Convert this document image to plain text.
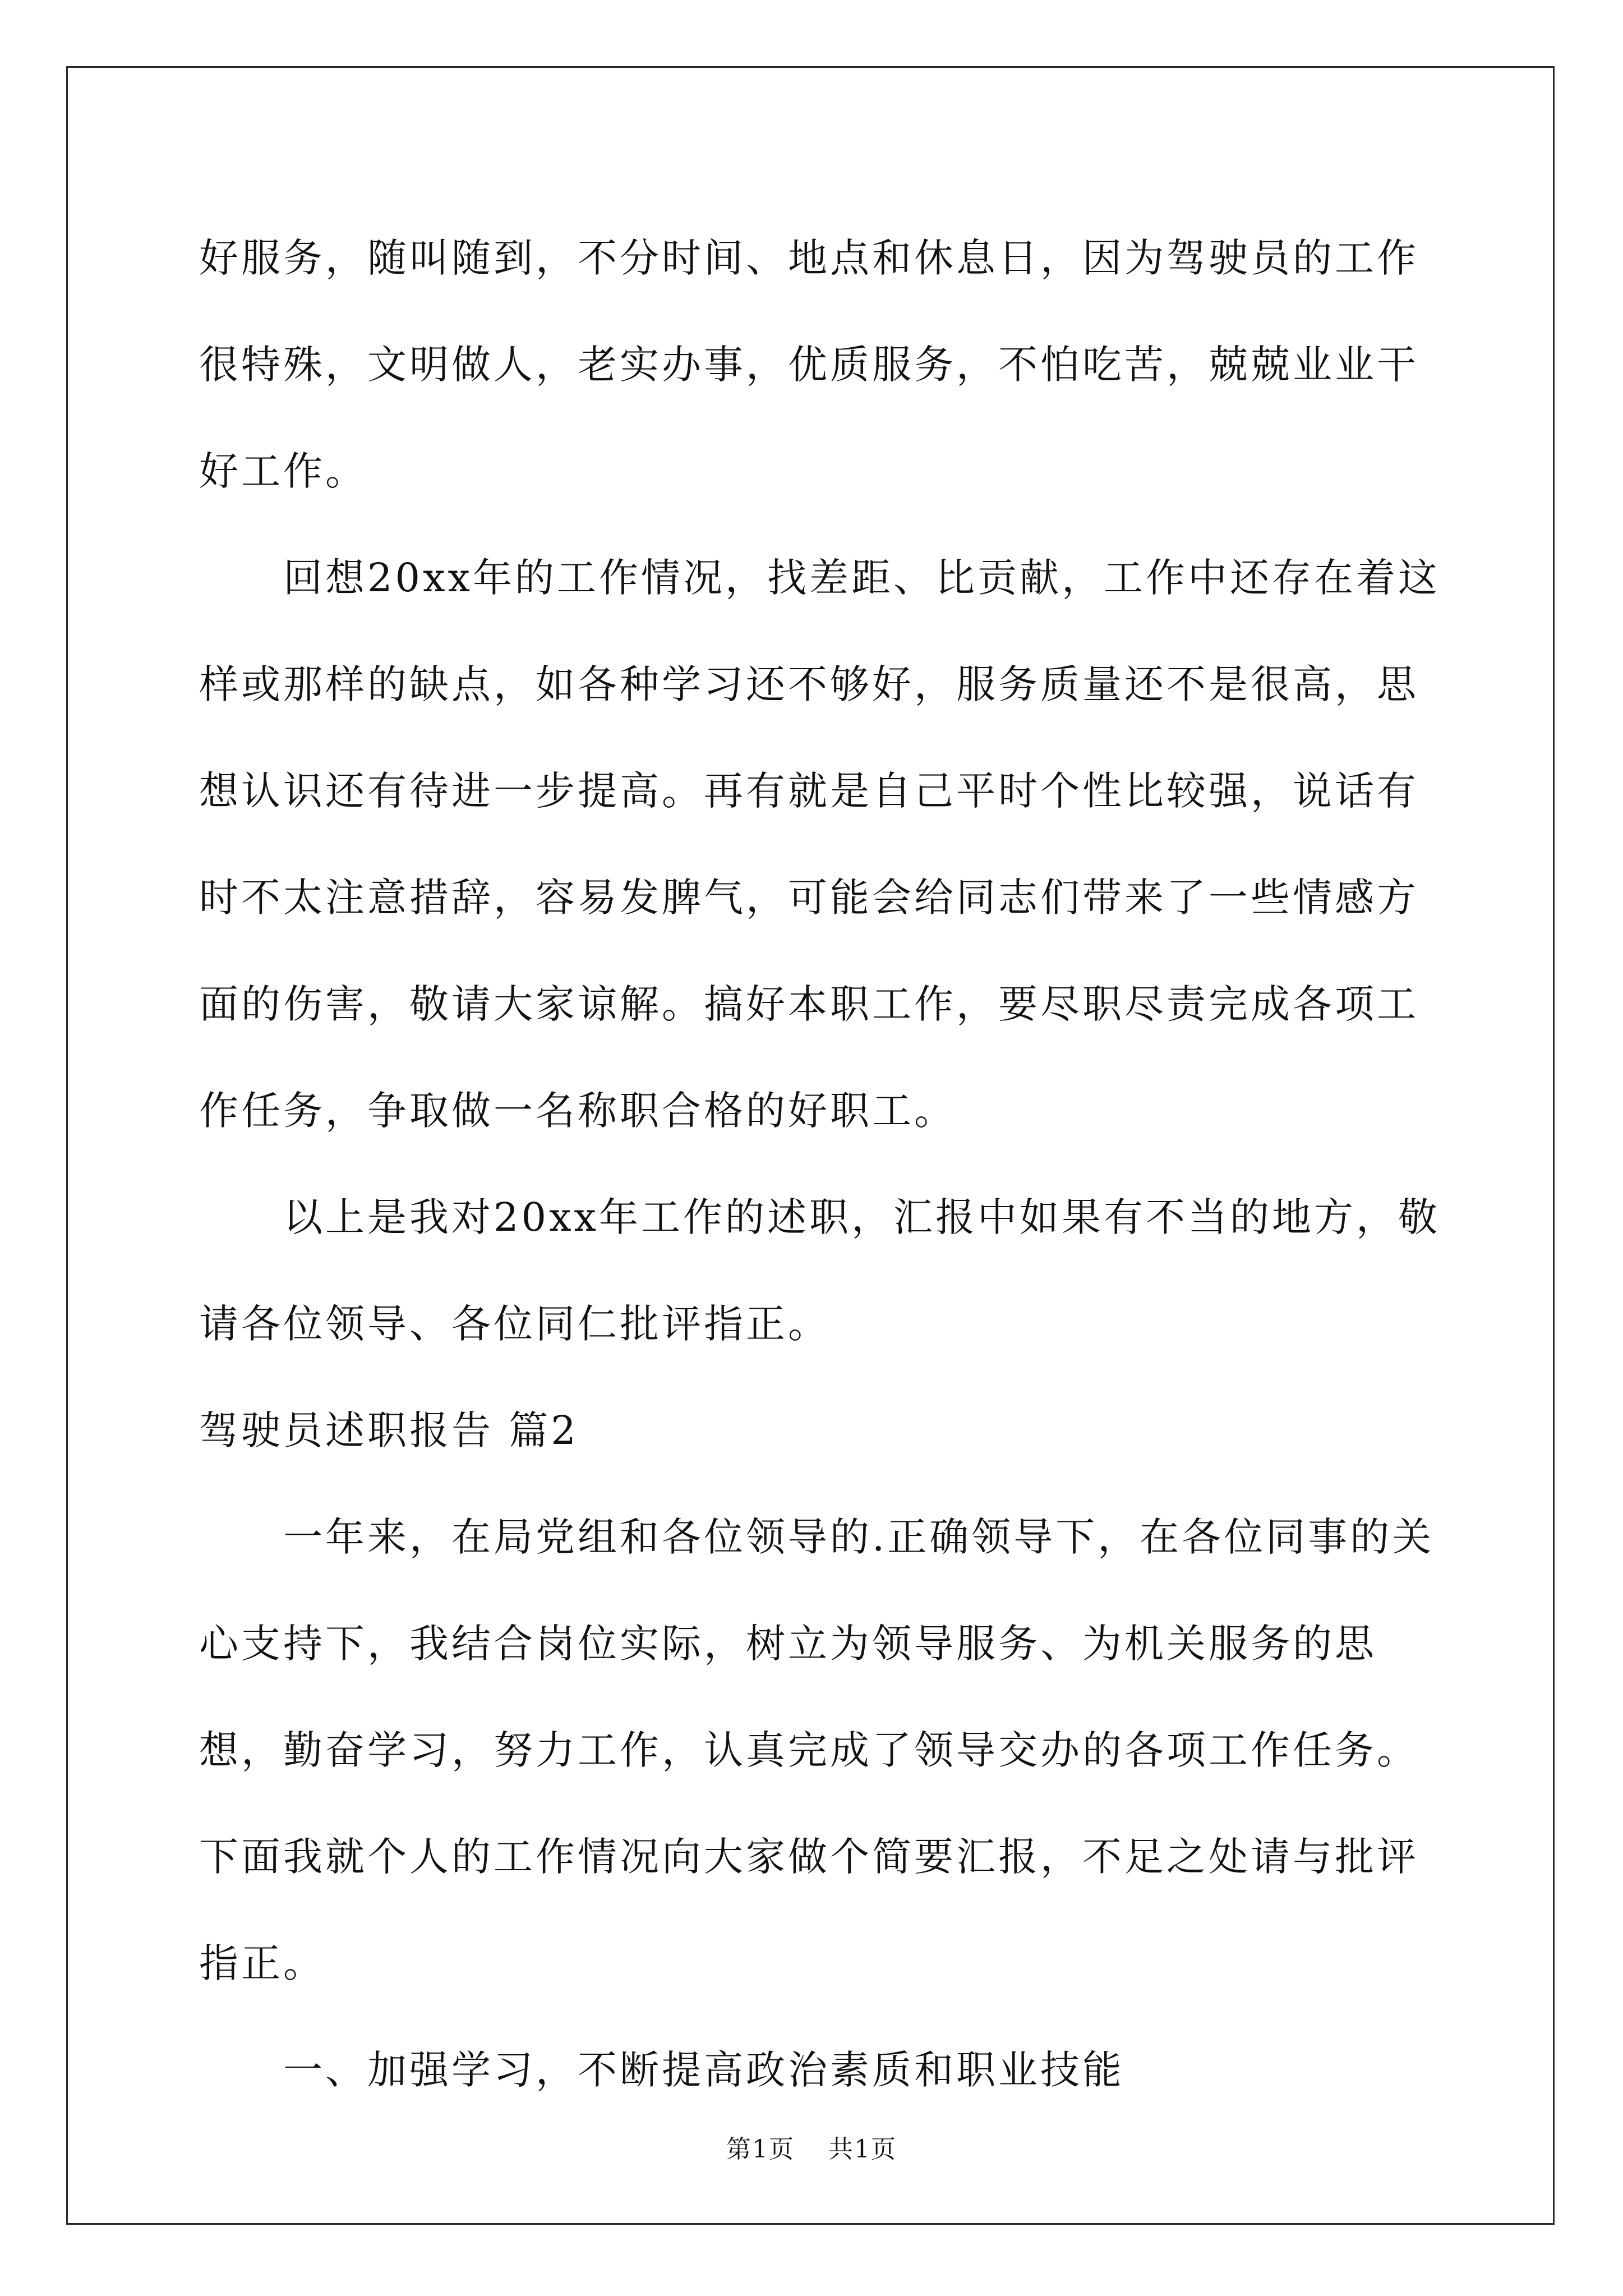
好服务，随叫随到，不分时间、地点和休息日，因为驾驶员的工作很特殊，文明做人，老实办事，优质服务，不怕吃苦，兢兢业业干好工作。

回想20xx年的工作情况，找差距、比贡献，工作中还存在着这样或那样的缺点，如各种学习还不够好，服务质量还不是很高，思想认识还有待进一步提高。再有就是自己平时个性比较强，说话有时不太注意措辞，容易发脾气，可能会给同志们带来了一些情感方面的伤害，敬请大家谅解。搞好本职工作，要尽职尽责完成各项工作任务，争取做一名称职合格的好职工。

以上是我对20xx年工作的述职，汇报中如果有不当的地方，敬请各位领导、各位同仁批评指正。

驾驶员述职报告 篇2

一年来，在局党组和各位领导的.正确领导下，在各位同事的关心支持下，我结合岗位实际，树立为领导服务、为机关服务的思想，勤奋学习，努力工作，认真完成了领导交办的各项工作任务。下面我就个人的工作情况向大家做个简要汇报，不足之处请与批评指正。

一、加强学习，不断提高政治素质和职业技能

第1页 共1页
